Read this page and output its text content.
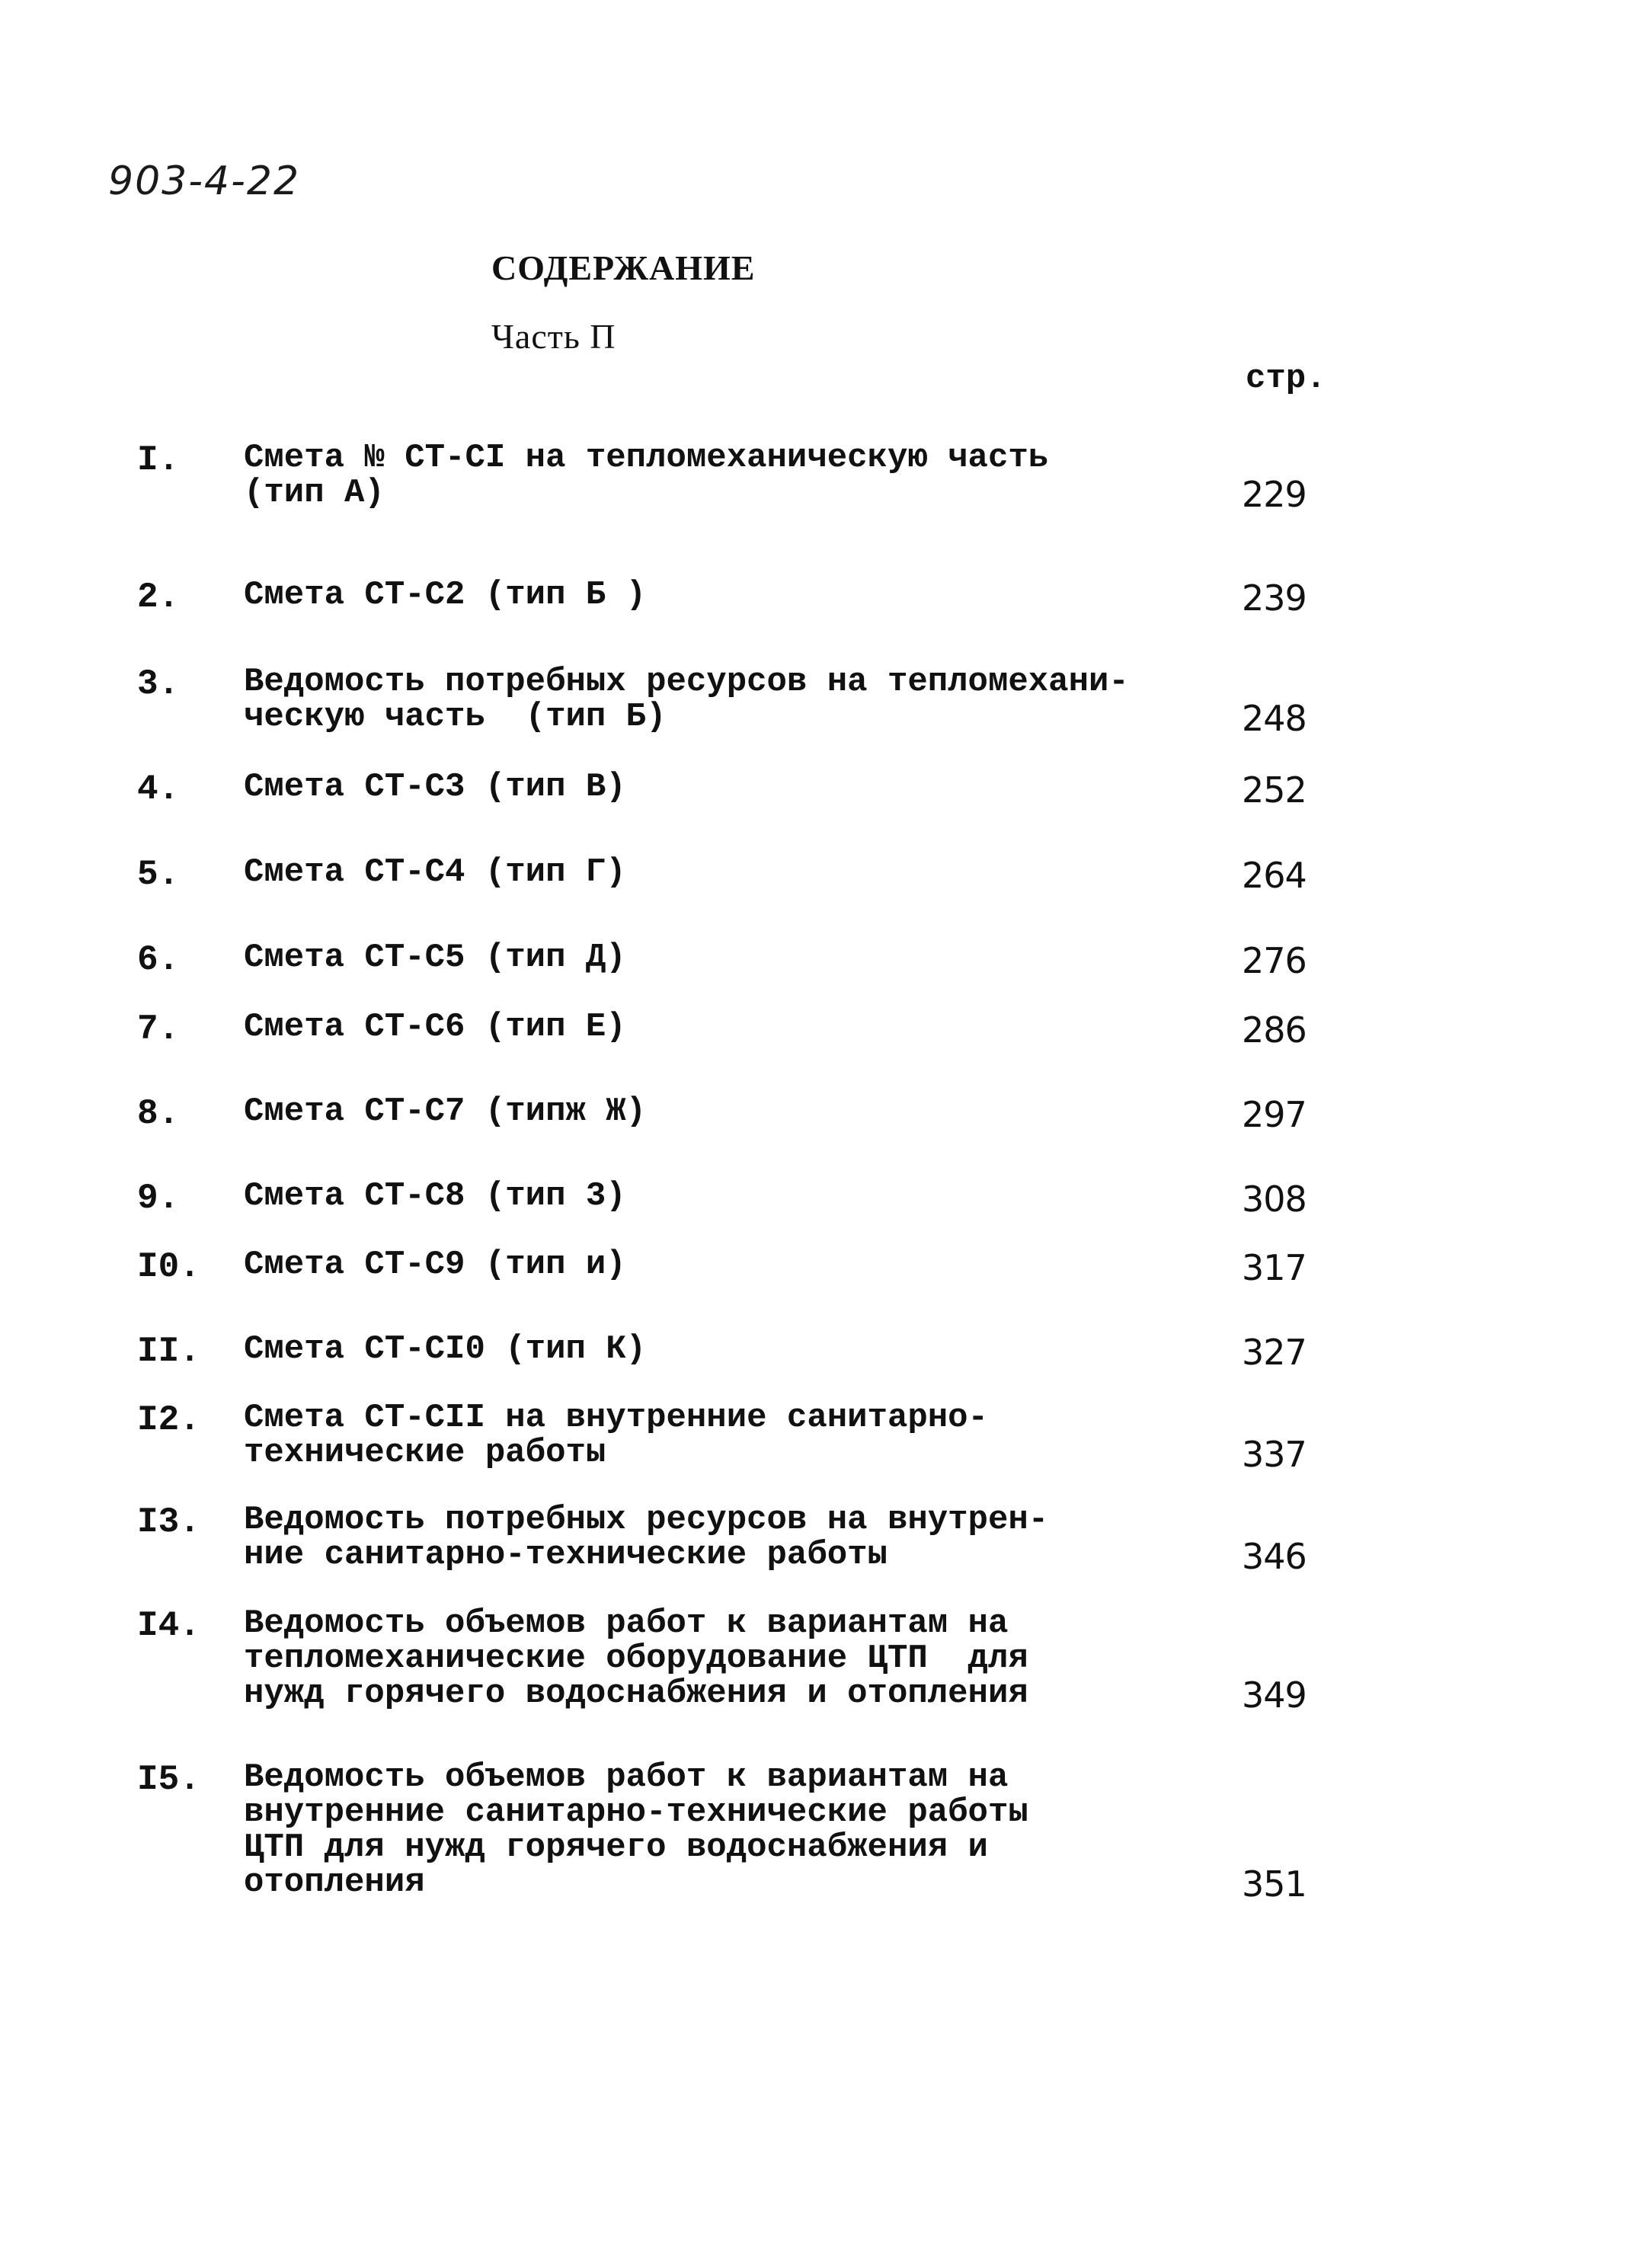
903-4-22
СОДЕРЖАНИЕ
Часть П
стр.
I. Смета № СТ-СI на тепломеханическую часть
(тип А)	229
2. Смета СТ-С2 (тип Б )	239
3. Ведомость потребных ресурсов на тепломехани-
ческую часть  (тип Б)	248
4. Смета СТ-С3 (тип В)	252
5. Смета СТ-С4 (тип Г)	264
6. Смета СТ-С5 (тип Д)	276
7. Смета СТ-С6 (тип Е)	286
8. Смета СТ-С7 (типж Ж)	297
9. Смета СТ-С8 (тип 3)	308
I0. Смета СТ-С9 (тип и)	317
II. Смета СТ-СI0 (тип К)	327
I2. Смета СТ-СII на внутренние санитарно-
технические работы	337
I3. Ведомость потребных ресурсов на внутрен-
ние санитарно-технические работы	346
I4. Ведомость объемов работ к вариантам на
тепломеханические оборудование ЦТП  для
нужд горячего водоснабжения и отопления	349
I5. Ведомость объемов работ к вариантам на
внутренние санитарно-технические работы
ЦТП для нужд горячего водоснабжения и
отопления	351
